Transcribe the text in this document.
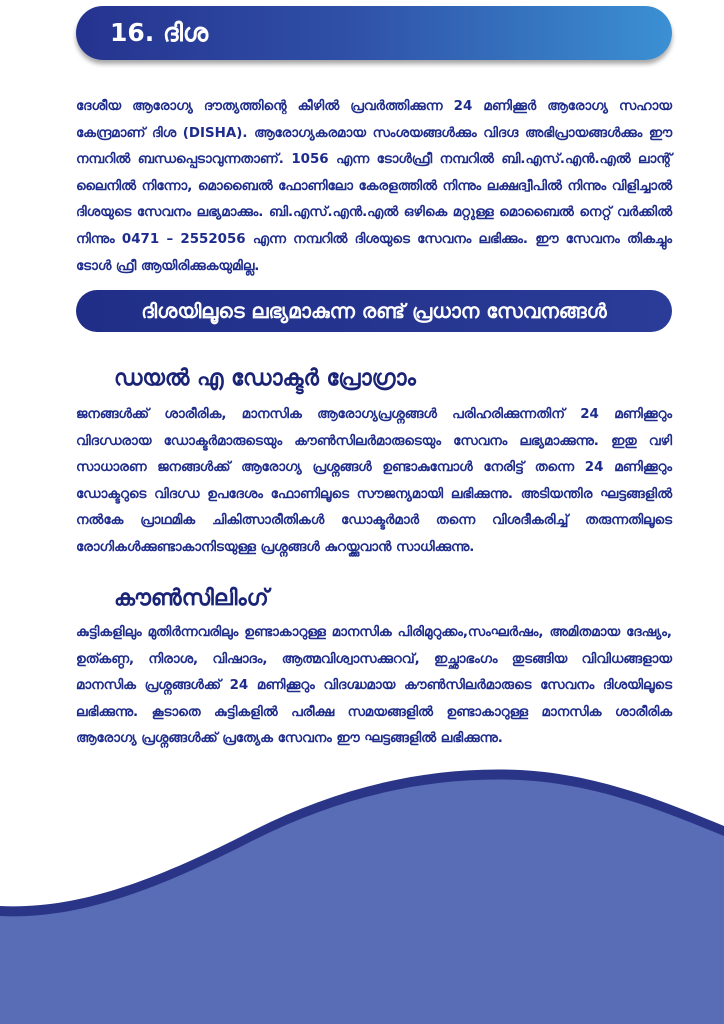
16. ദിശ

ദേശീയ ആരോഗ്യ ദൗത്യത്തിന്റെ കീഴിൽ പ്രവർത്തിക്കുന്ന 24 മണിക്കൂർ ആരോഗ്യ സഹായ കേന്ദ്രമാണ് ദിശ (DISHA). ആരോഗ്യകരമായ സംശയങ്ങൾക്കും വിദഗ്ദ അഭിപ്രായങ്ങൾക്കും ഈ നമ്പറിൽ ബന്ധപ്പെടാവുന്നതാണ്. 1056 എന്ന ടോൾഫ്രീ നമ്പറിൽ ബി.എസ്.എൻ.എൽ ലാന്റ് ലൈനിൽ നിന്നോ, മൊബൈൽ ഫോണിലോ കേരളത്തിൽ നിന്നും ലക്ഷദ്വീപിൽ നിന്നും വിളിച്ചാൽ ദിശയുടെ സേവനം ലഭ്യമാക്കും. ബി.എസ്.എൻ.എൽ ഒഴികെ മറ്റുള്ള മൊബൈൽ നെറ്റ് വർക്കിൽ നിന്നും 0471 – 2552056 എന്ന നമ്പറിൽ ദിശയുടെ സേവനം ലഭിക്കും. ഈ സേവനം തികച്ചും ടോൾ ഫ്രീ ആയിരിക്കുകയുമില്ല.

ദിശയിലൂടെ ലഭ്യമാകുന്ന രണ്ട് പ്രധാന സേവനങ്ങൾ
ഡയൽ എ ഡോക്ടർ പ്രോഗ്രാം

ജനങ്ങൾക്ക് ശാരീരിക, മാനസിക ആരോഗ്യപ്രശ്നങ്ങൾ പരിഹരിക്കുന്നതിന് 24 മണിക്കൂറും വിദഗ്ധരായ ഡോക്ടർമാരുടെയും കൗൺസിലർമാരുടെയും സേവനം ലഭ്യമാക്കുന്നു. ഇതു വഴി സാധാരണ ജനങ്ങൾക്ക് ആരോഗ്യ പ്രശ്നങ്ങൾ ഉണ്ടാകുമ്പോൾ നേരിട്ട് തന്നെ 24 മണിക്കൂറും ഡോക്ടറുടെ വിദഗ്ധ ഉപദേശം ഫോണിലൂടെ സൗജന്യമായി ലഭിക്കുന്നു. അടിയന്തിര ഘട്ടങ്ങളിൽ നൽകേ പ്രാഥമിക ചികിത്സാരീതികൾ ഡോക്ടർമാർ തന്നെ വിശദീകരിച്ച് തരുന്നതിലൂടെ രോഗികൾക്കുണ്ടാകാനിടയുള്ള പ്രശ്നങ്ങൾ കുറയ്ക്കുവാൻ സാധിക്കുന്നു.

കൗൺസിലിംഗ്

കുട്ടികളിലും മുതിർന്നവരിലും ഉണ്ടാകാറുള്ള മാനസിക പിരിമുറുക്കം,സംഘർഷം, അമിതമായ ദേഷ്യം, ഉത്കണ്ഠ, നിരാശ, വിഷാദം, ആത്മവിശ്വാസക്കുറവ്, ഇച്ഛാഭംഗം തുടങ്ങിയ വിവിധങ്ങളായ മാനസിക പ്രശ്നങ്ങൾക്ക് 24 മണിക്കൂറും വിദഗ്ദ്ധമായ കൗൺസിലർമാരുടെ സേവനം ദിശയിലൂടെ ലഭിക്കുന്നു. കൂടാതെ കുട്ടികളിൽ പരീക്ഷ സമയങ്ങളിൽ ഉണ്ടാകാറുള്ള മാനസിക ശാരീരിക ആരോഗ്യ പ്രശ്നങ്ങൾക്ക് പ്രത്യേക സേവനം ഈ ഘട്ടങ്ങളിൽ ലഭിക്കുന്നു.
